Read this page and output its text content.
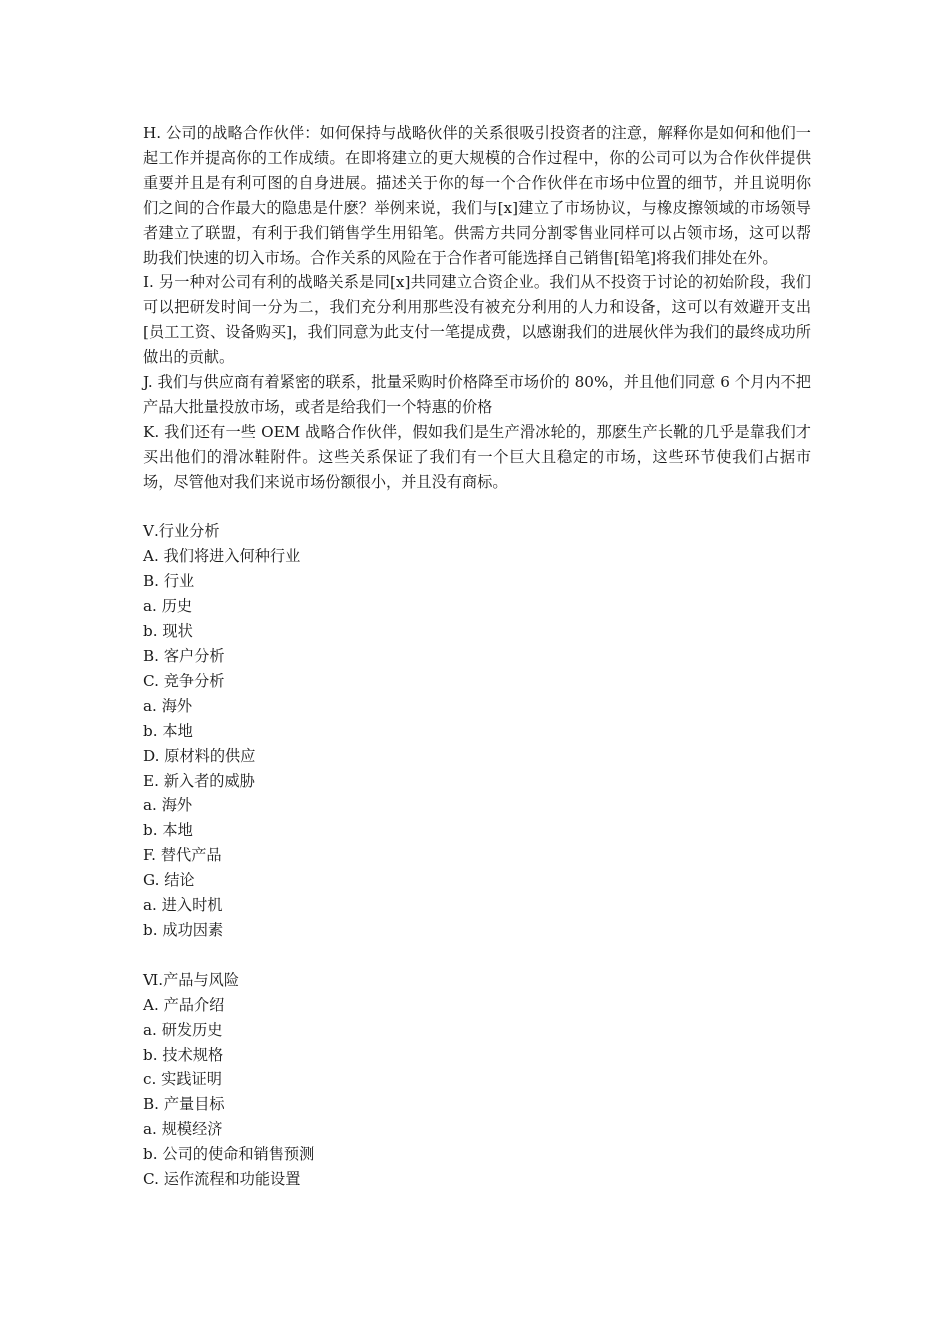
H. 公司的战略合作伙伴：如何保持与战略伙伴的关系很吸引投资者的注意，解释你是如何和他们一起工作并提高你的工作成绩。在即将建立的更大规模的合作过程中，你的公司可以为合作伙伴提供重要并且是有利可图的自身进展。描述关于你的每一个合作伙伴在市场中位置的细节，并且说明你们之间的合作最大的隐患是什麽？举例来说，我们与[x]建立了市场协议，与橡皮擦领域的市场领导者建立了联盟，有利于我们销售学生用铅笔。供需方共同分割零售业同样可以占领市场，这可以帮助我们快速的切入市场。合作关系的风险在于合作者可能选择自己销售[铅笔]将我们排处在外。

I. 另一种对公司有利的战略关系是同[x]共同建立合资企业。我们从不投资于讨论的初始阶段，我们可以把研发时间一分为二，我们充分利用那些没有被充分利用的人力和设备，这可以有效避开支出[员工工资、设备购买]，我们同意为此支付一笔提成费，以感谢我们的进展伙伴为我们的最终成功所做出的贡献。

J. 我们与供应商有着紧密的联系，批量采购时价格降至市场价的 80%，并且他们同意 6 个月内不把产品大批量投放市场，或者是给我们一个特惠的价格

K. 我们还有一些 OEM 战略合作伙伴，假如我们是生产滑冰轮的，那麽生产长靴的几乎是靠我们才买出他们的滑冰鞋附件。这些关系保证了我们有一个巨大且稳定的市场，这些环节使我们占据市场，尽管他对我们来说市场份额很小，并且没有商标。

Ⅴ.行业分析

A. 我们将进入何种行业

B. 行业

a. 历史

b. 现状

B. 客户分析

C. 竞争分析

a. 海外

b. 本地

D. 原材料的供应

E. 新入者的威胁

a. 海外

b. 本地

F. 替代产品

G. 结论

a. 进入时机

b. 成功因素

Ⅵ.产品与风险

A. 产品介绍

a. 研发历史

b. 技术规格

c. 实践证明

B. 产量目标

a. 规模经济

b. 公司的使命和销售预测

C. 运作流程和功能设置
